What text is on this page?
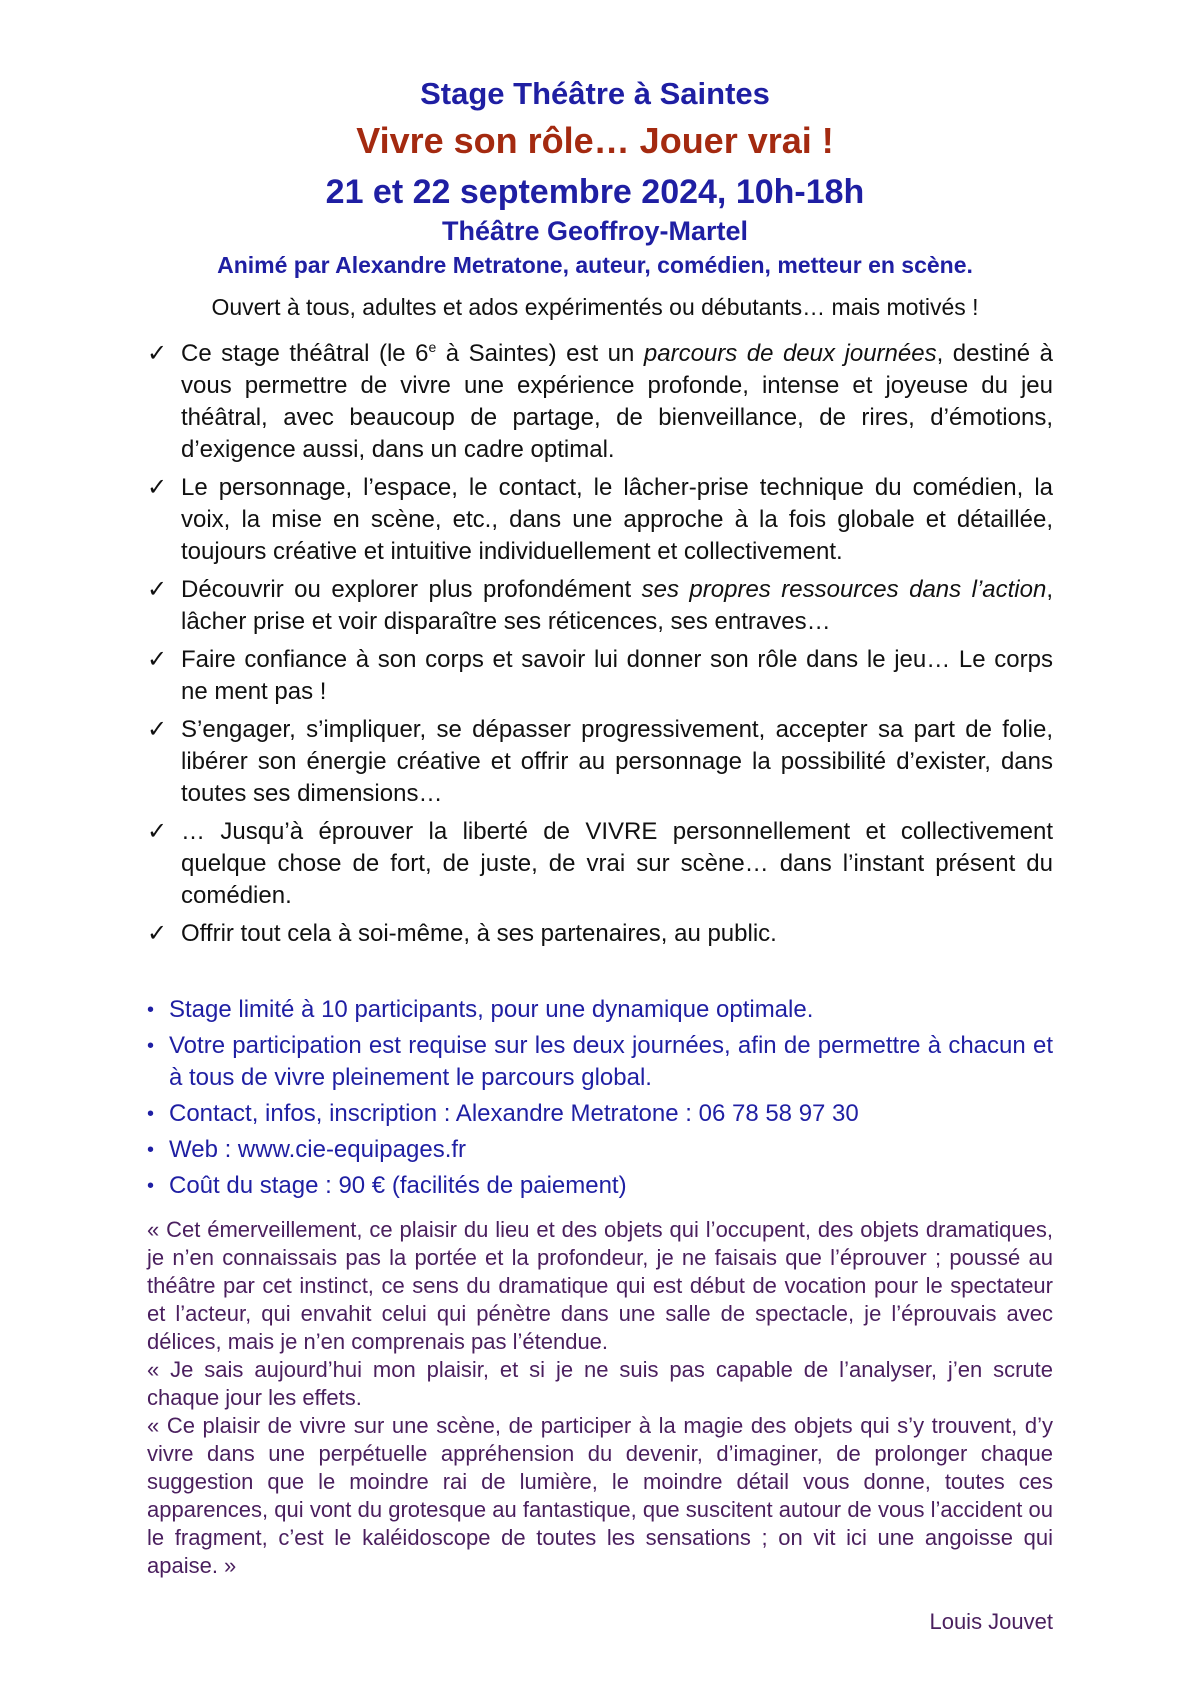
Stage Théâtre à Saintes
Vivre son rôle… Jouer vrai !
21 et 22 septembre 2024, 10h-18h
Théâtre Geoffroy-Martel
Animé par Alexandre Metratone, auteur, comédien, metteur en scène.
Ouvert à tous, adultes et ados expérimentés ou débutants… mais motivés !
✓ Ce stage théâtral (le 6e à Saintes) est un parcours de deux journées, destiné à vous permettre de vivre une expérience profonde, intense et joyeuse du jeu théâtral, avec beaucoup de partage, de bienveillance, de rires, d’émotions, d’exigence aussi, dans un cadre optimal.
✓ Le personnage, l’espace, le contact, le lâcher-prise technique du comédien, la voix, la mise en scène, etc., dans une approche à la fois globale et détaillée, toujours créative et intuitive individuellement et collectivement.
✓ Découvrir ou explorer plus profondément ses propres ressources dans l’action, lâcher prise et voir disparaître ses réticences, ses entraves…
✓ Faire confiance à son corps et savoir lui donner son rôle dans le jeu… Le corps ne ment pas !
✓ S’engager, s’impliquer, se dépasser progressivement, accepter sa part de folie, libérer son énergie créative et offrir au personnage la possibilité d’exister, dans toutes ses dimensions…
✓ … Jusqu’à éprouver la liberté de VIVRE personnellement et collectivement quelque chose de fort, de juste, de vrai sur scène… dans l’instant présent du comédien.
✓ Offrir tout cela à soi-même, à ses partenaires, au public.
• Stage limité à 10 participants, pour une dynamique optimale.
• Votre participation est requise sur les deux journées, afin de permettre à chacun et à tous de vivre pleinement le parcours global.
• Contact, infos, inscription : Alexandre Metratone : 06 78 58 97 30
• Web : www.cie-equipages.fr
• Coût du stage : 90 € (facilités de paiement)

« Cet émerveillement, ce plaisir du lieu et des objets qui l’occupent, des objets dramatiques, je n’en connaissais pas la portée et la profondeur, je ne faisais que l’éprouver ; poussé au théâtre par cet instinct, ce sens du dramatique qui est début de vocation pour le spectateur et l’acteur, qui envahit celui qui pénètre dans une salle de spectacle, je l’éprouvais avec délices, mais je n’en comprenais pas l’étendue.

« Je sais aujourd’hui mon plaisir, et si je ne suis pas capable de l’analyser, j’en scrute chaque jour les effets.

« Ce plaisir de vivre sur une scène, de participer à la magie des objets qui s’y trouvent, d’y vivre dans une perpétuelle appréhension du devenir, d’imaginer, de prolonger chaque suggestion que le moindre rai de lumière, le moindre détail vous donne, toutes ces apparences, qui vont du grotesque au fantastique, que suscitent autour de vous l’accident ou le fragment, c’est le kaléidoscope de toutes les sensations ; on vit ici une angoisse qui apaise. »

Louis Jouvet
